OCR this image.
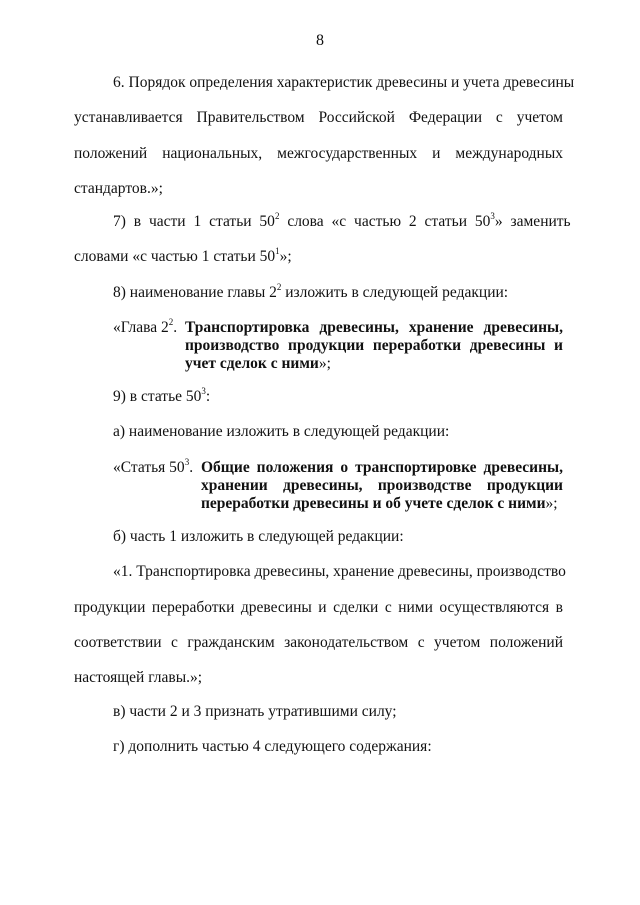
8
6. Порядок определения характеристик древесины и учета древесины
устанавливается Правительством Российской Федерации с учетом
положений национальных, межгосударственных и международных
стандартов.»;
7) в части 1 статьи $50^2$ слова «с частью 2 статьи $50^3$» заменить
словами «с частью 1 статьи $50^1$»;
8) наименование главы $2^2$ изложить в следующей редакции:
«Глава $2^2$. Транспортировка древесины, хранение древесины,
производство продукции переработки древесины и
учет сделок с ними»;
9) в статье $50^3$:
а) наименование изложить в следующей редакции:
«Статья $50^3$. Общие положения о транспортировке древесины,
хранении древесины, производстве продукции
переработки древесины и об учете сделок с ними»;
б) часть 1 изложить в следующей редакции:
«1. Транспортировка древесины, хранение древесины, производство
продукции переработки древесины и сделки с ними осуществляются в
соответствии с гражданским законодательством с учетом положений
настоящей главы.»;
в) части 2 и 3 признать утратившими силу;
г) дополнить частью 4 следующего содержания:
